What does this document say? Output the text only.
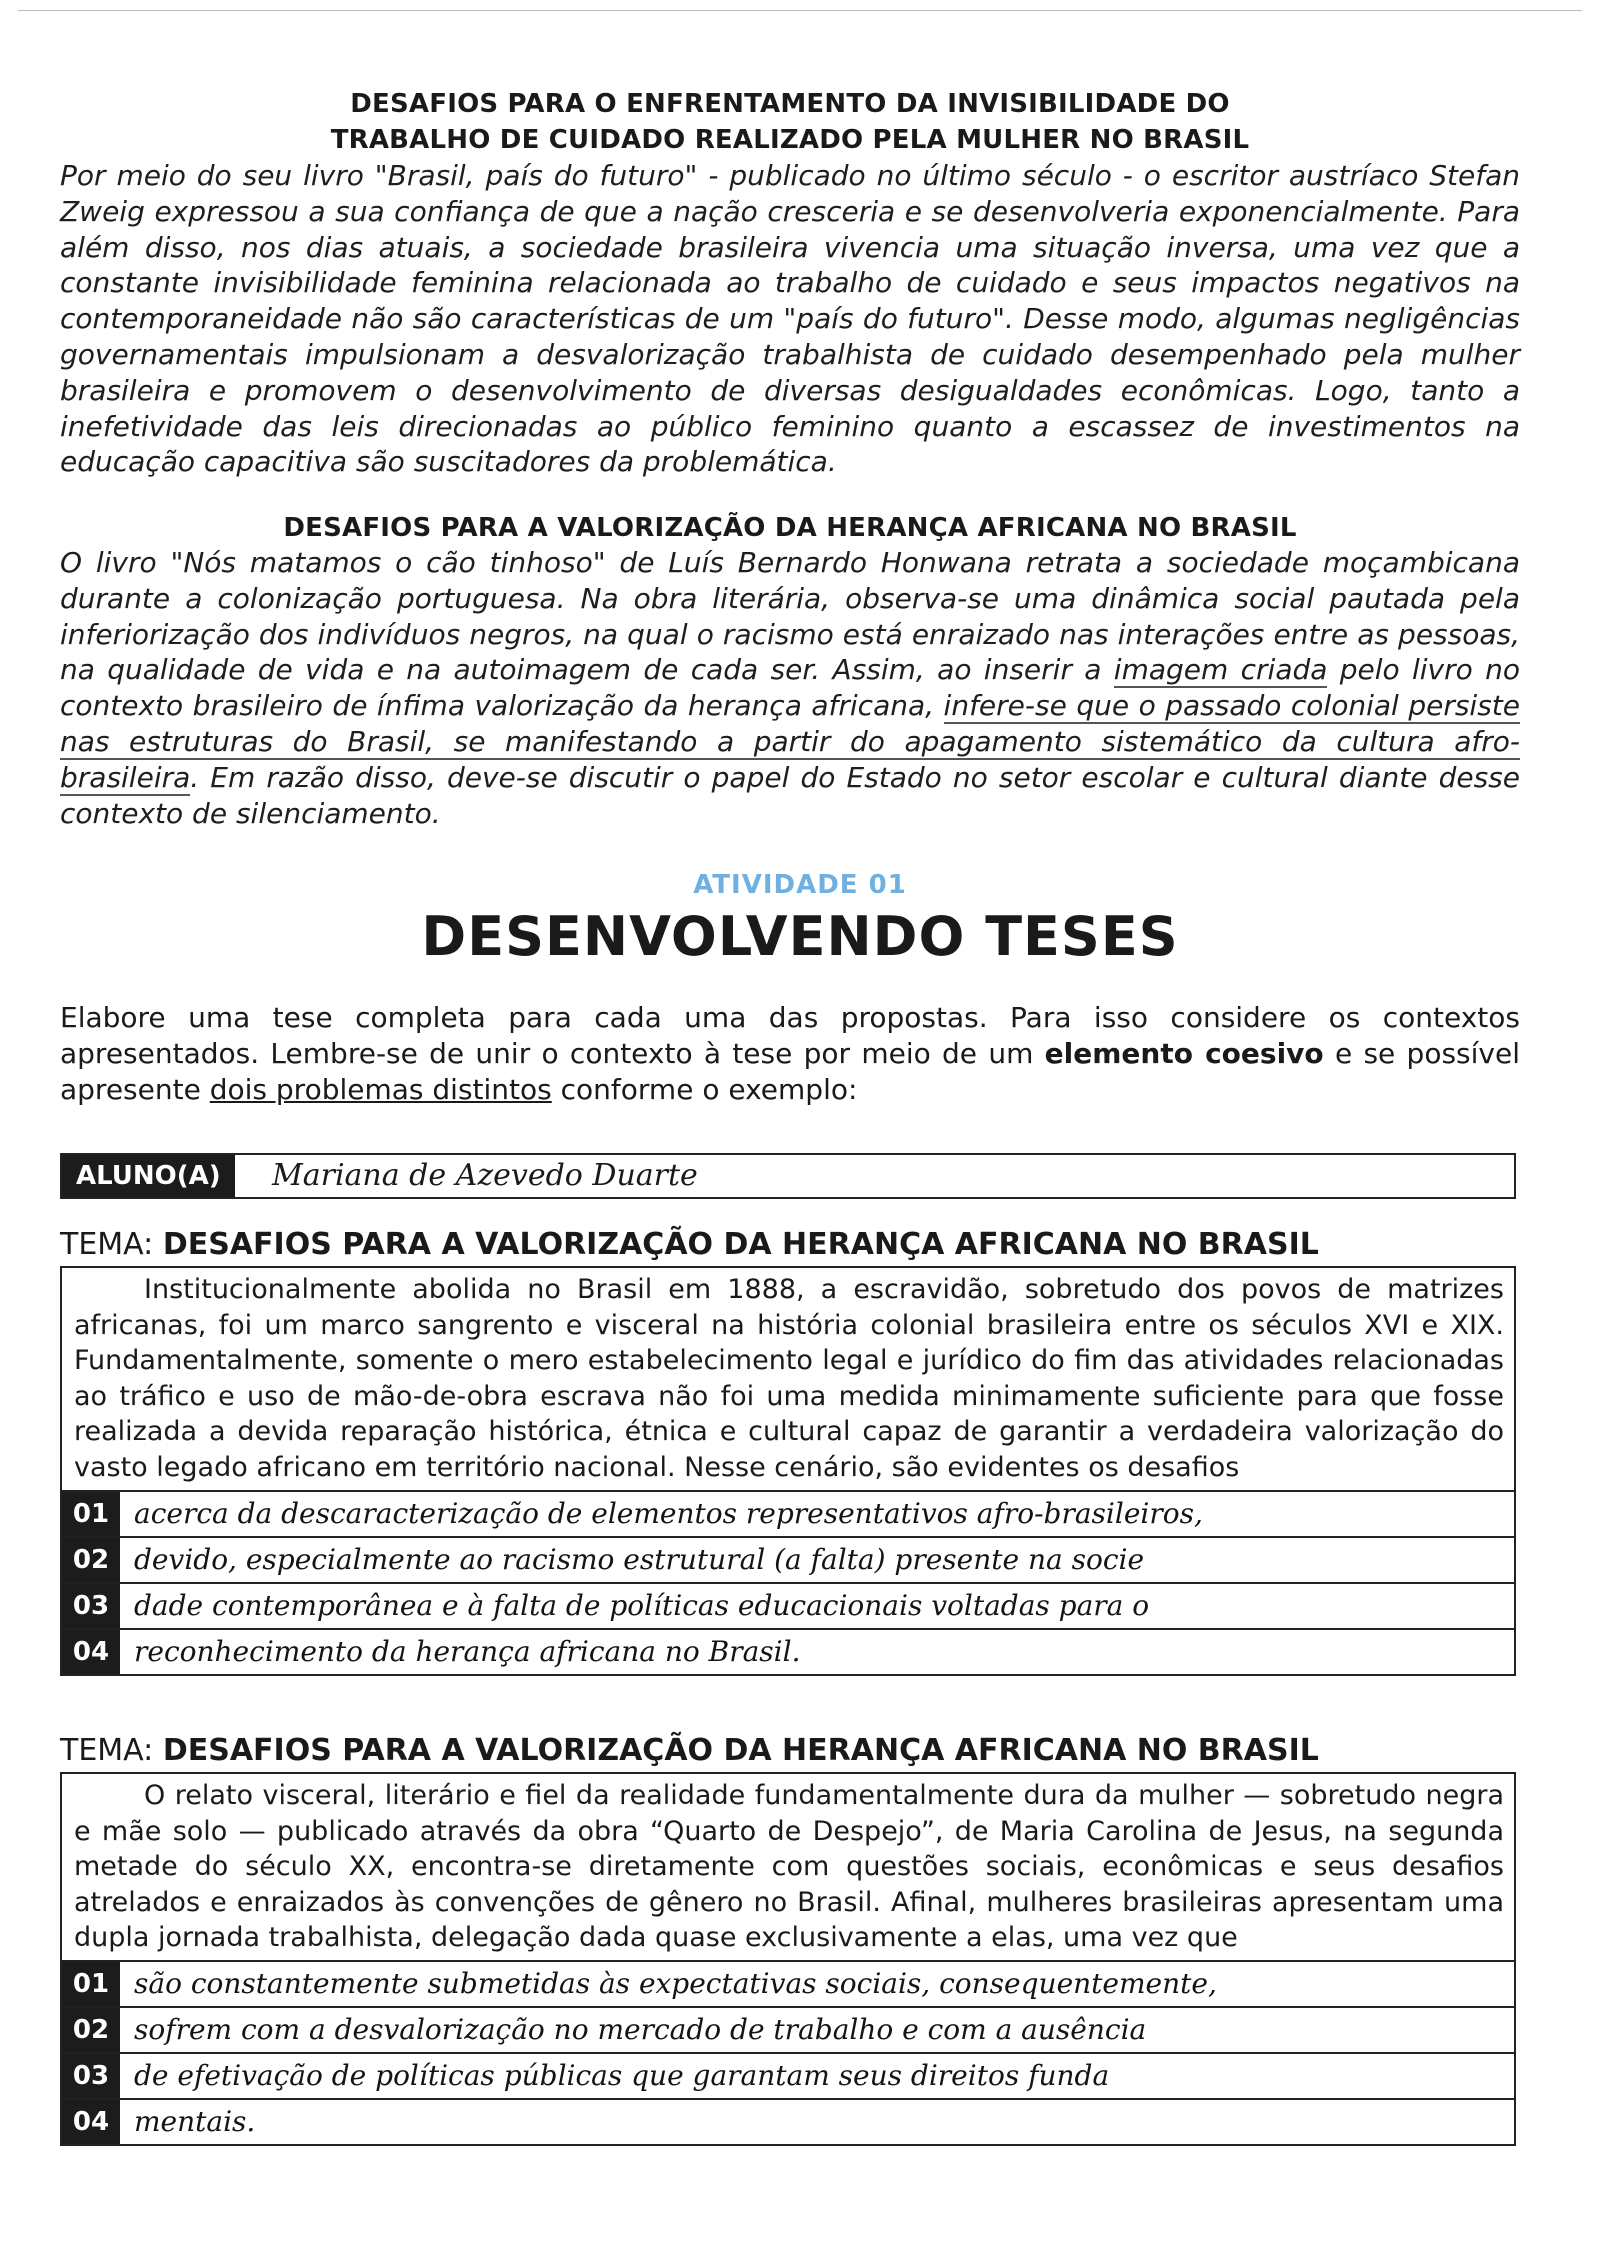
DESAFIOS PARA O ENFRENTAMENTO DA INVISIBILIDADE DO
TRABALHO DE CUIDADO REALIZADO PELA MULHER NO BRASIL
Por meio do seu livro "Brasil, país do futuro" - publicado no último século - o escritor austríaco Stefan Zweig expressou a sua confiança de que a nação cresceria e se desenvolveria exponencialmente. Para além disso, nos dias atuais, a sociedade brasileira vivencia uma situação inversa, uma vez que a constante invisibilidade feminina relacionada ao trabalho de cuidado e seus impactos negativos na contemporaneidade não são características de um "país do futuro". Desse modo, algumas negligências governamentais impulsionam a desvalorização trabalhista de cuidado desempenhado pela mulher brasileira e promovem o desenvolvimento de diversas desigualdades econômicas. Logo, tanto a inefetividade das leis direcionadas ao público feminino quanto a escassez de investimentos na educação capacitiva são suscitadores da problemática.
DESAFIOS PARA A VALORIZAÇÃO DA HERANÇA AFRICANA NO BRASIL
O livro "Nós matamos o cão tinhoso" de Luís Bernardo Honwana retrata a sociedade moçambicana durante a colonização portuguesa. Na obra literária, observa-se uma dinâmica social pautada pela inferiorização dos indivíduos negros, na qual o racismo está enraizado nas interações entre as pessoas, na qualidade de vida e na autoimagem de cada ser. Assim, ao inserir a imagem criada pelo livro no contexto brasileiro de ínfima valorização da herança africana, infere-se que o passado colonial persiste nas estruturas do Brasil, se manifestando a partir do apagamento sistemático da cultura afro-brasileira. Em razão disso, deve-se discutir o papel do Estado no setor escolar e cultural diante desse contexto de silenciamento.
ATIVIDADE 01
DESENVOLVENDO TESES
Elabore uma tese completa para cada uma das propostas. Para isso considere os contextos apresentados. Lembre-se de unir o contexto à tese por meio de um elemento coesivo e se possível apresente dois problemas distintos conforme o exemplo:
ALUNO(A)	Mariana de Azevedo Duarte
TEMA: DESAFIOS PARA A VALORIZAÇÃO DA HERANÇA AFRICANA NO BRASIL
Institucionalmente abolida no Brasil em 1888, a escravidão, sobretudo dos povos de matrizes africanas, foi um marco sangrento e visceral na história colonial brasileira entre os séculos XVI e XIX. Fundamentalmente, somente o mero estabelecimento legal e jurídico do fim das atividades relacionadas ao tráfico e uso de mão-de-obra escrava não foi uma medida minimamente suficiente para que fosse realizada a devida reparação histórica, étnica e cultural capaz de garantir a verdadeira valorização do vasto legado africano em território nacional. Nesse cenário, são evidentes os desafios
01 acerca da descaracterização de elementos representativos afro-brasileiros,
02 devido, especialmente ao racismo estrutural (a falta) presente na socie
03 dade contemporânea e à falta de políticas educacionais voltadas para o
04 reconhecimento da herança africana no Brasil.
TEMA: DESAFIOS PARA A VALORIZAÇÃO DA HERANÇA AFRICANA NO BRASIL
O relato visceral, literário e fiel da realidade fundamentalmente dura da mulher — sobretudo negra e mãe solo — publicado através da obra “Quarto de Despejo”, de Maria Carolina de Jesus, na segunda metade do século XX, encontra-se diretamente com questões sociais, econômicas e seus desafios atrelados e enraizados às convenções de gênero no Brasil. Afinal, mulheres brasileiras apresentam uma dupla jornada trabalhista, delegação dada quase exclusivamente a elas, uma vez que
01 são constantemente submetidas às expectativas sociais, consequentemente,
02 sofrem com a desvalorização no mercado de trabalho e com a ausência
03 de efetivação de políticas públicas que garantam seus direitos funda
04 mentais.
